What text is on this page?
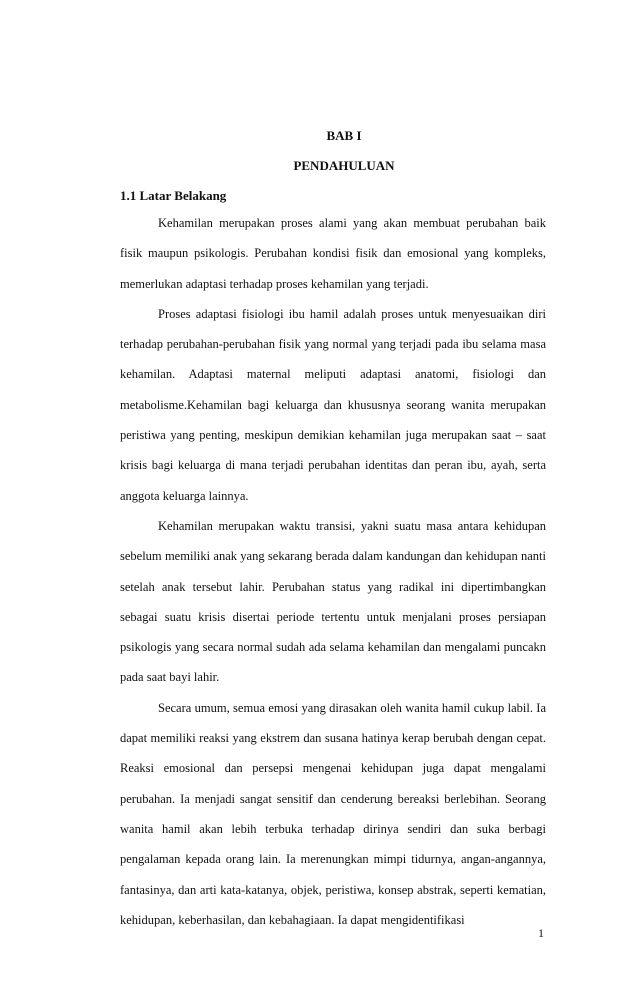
BAB I
PENDAHULUAN
1.1 Latar Belakang

Kehamilan merupakan proses alami yang akan membuat perubahan baik fisik maupun psikologis. Perubahan kondisi fisik dan emosional yang kompleks, memerlukan adaptasi terhadap proses kehamilan yang terjadi.

Proses adaptasi fisiologi ibu hamil adalah proses untuk menyesuaikan diri terhadap perubahan-perubahan fisik yang normal yang terjadi pada ibu selama masa kehamilan. Adaptasi maternal meliputi adaptasi anatomi, fisiologi dan metabolisme.Kehamilan bagi keluarga dan khususnya seorang wanita merupakan peristiwa yang penting, meskipun demikian kehamilan juga merupakan saat – saat krisis bagi keluarga di mana terjadi perubahan identitas dan peran ibu, ayah, serta anggota keluarga lainnya.

Kehamilan merupakan waktu transisi, yakni suatu masa antara kehidupan sebelum memiliki anak yang sekarang berada dalam kandungan dan kehidupan nanti setelah anak tersebut lahir. Perubahan status yang radikal ini dipertimbangkan sebagai suatu krisis disertai periode tertentu untuk menjalani proses persiapan psikologis yang secara normal sudah ada selama kehamilan dan mengalami puncakn pada saat bayi lahir.

Secara umum, semua emosi yang dirasakan oleh wanita hamil cukup labil. Ia dapat memiliki reaksi yang ekstrem dan susana hatinya kerap berubah dengan cepat. Reaksi emosional dan persepsi mengenai kehidupan juga dapat mengalami perubahan. Ia menjadi sangat sensitif dan cenderung bereaksi berlebihan. Seorang wanita hamil akan lebih terbuka terhadap dirinya sendiri dan suka berbagi pengalaman kepada orang lain. Ia merenungkan mimpi tidurnya, angan-angannya, fantasinya, dan arti kata-katanya, objek, peristiwa, konsep abstrak, seperti kematian, kehidupan, keberhasilan, dan kebahagiaan. Ia dapat mengidentifikasi

1
